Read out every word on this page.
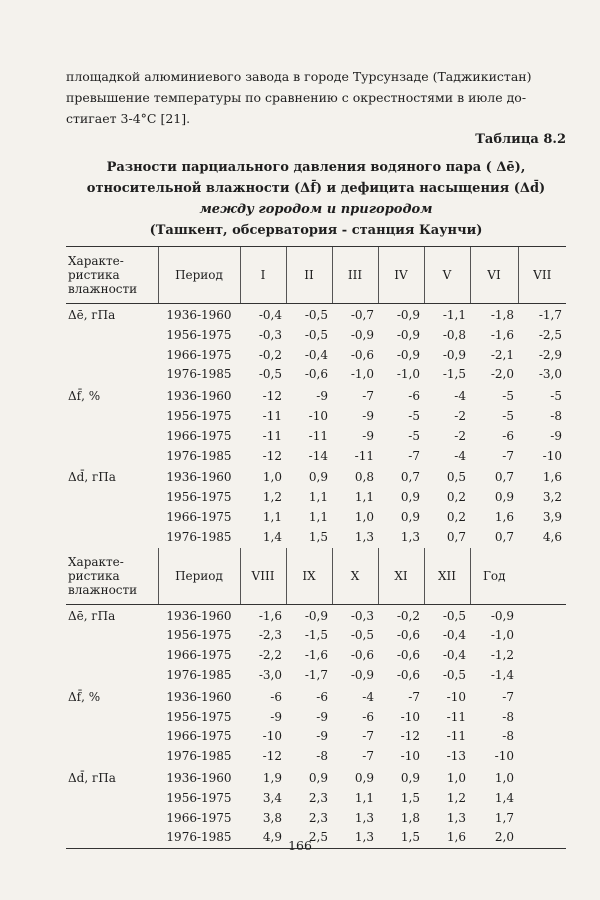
площадкой алюминиевого завода в городе Турсунзаде (Таджикистан)
превышение температуры по сравнению с окрестностями в июле до-
стигает 3-4°C [21].

Таблица 8.2
Разности парциального давления водяного пара ( Δē),
относительной влажности (Δf̄) и дефицита насыщения (Δd̄)
между городом и пригородом
(Ташкент, обсерватория - станция Каунчи)
Характе-
ристика
влажности	Период	I	II	III	IV	V	VI	VII
Δē, гПа	1936-1960	-0,4	-0,5	-0,7	-0,9	-1,1	-1,8	-1,7
	1956-1975	-0,3	-0,5	-0,9	-0,9	-0,8	-1,6	-2,5
	1966-1975	-0,2	-0,4	-0,6	-0,9	-0,9	-2,1	-2,9
	1976-1985	-0,5	-0,6	-1,0	-1,0	-1,5	-2,0	-3,0
Δf̄, %	1936-1960	-12	-9	-7	-6	-4	-5	-5
	1956-1975	-11	-10	-9	-5	-2	-5	-8
	1966-1975	-11	-11	-9	-5	-2	-6	-9
	1976-1985	-12	-14	-11	-7	-4	-7	-10
Δd̄, гПа	1936-1960	1,0	0,9	0,8	0,7	0,5	0,7	1,6
	1956-1975	1,2	1,1	1,1	0,9	0,2	0,9	3,2
	1966-1975	1,1	1,1	1,0	0,9	0,2	1,6	3,9
	1976-1985	1,4	1,5	1,3	1,3	0,7	0,7	4,6
Характе-
ристика
влажности	Период	VIII	IX	X	XI	XII	Год	
Δē, гПа	1936-1960	-1,6	-0,9	-0,3	-0,2	-0,5	-0,9	
	1956-1975	-2,3	-1,5	-0,5	-0,6	-0,4	-1,0	
	1966-1975	-2,2	-1,6	-0,6	-0,6	-0,4	-1,2	
	1976-1985	-3,0	-1,7	-0,9	-0,6	-0,5	-1,4	
Δf̄, %	1936-1960	-6	-6	-4	-7	-10	-7	
	1956-1975	-9	-9	-6	-10	-11	-8	
	1966-1975	-10	-9	-7	-12	-11	-8	
	1976-1985	-12	-8	-7	-10	-13	-10	
Δd̄, гПа	1936-1960	1,9	0,9	0,9	0,9	1,0	1,0	
	1956-1975	3,4	2,3	1,1	1,5	1,2	1,4	
	1966-1975	3,8	2,3	1,3	1,8	1,3	1,7	
	1976-1985	4,9	2,5	1,3	1,5	1,6	2,0	
166
